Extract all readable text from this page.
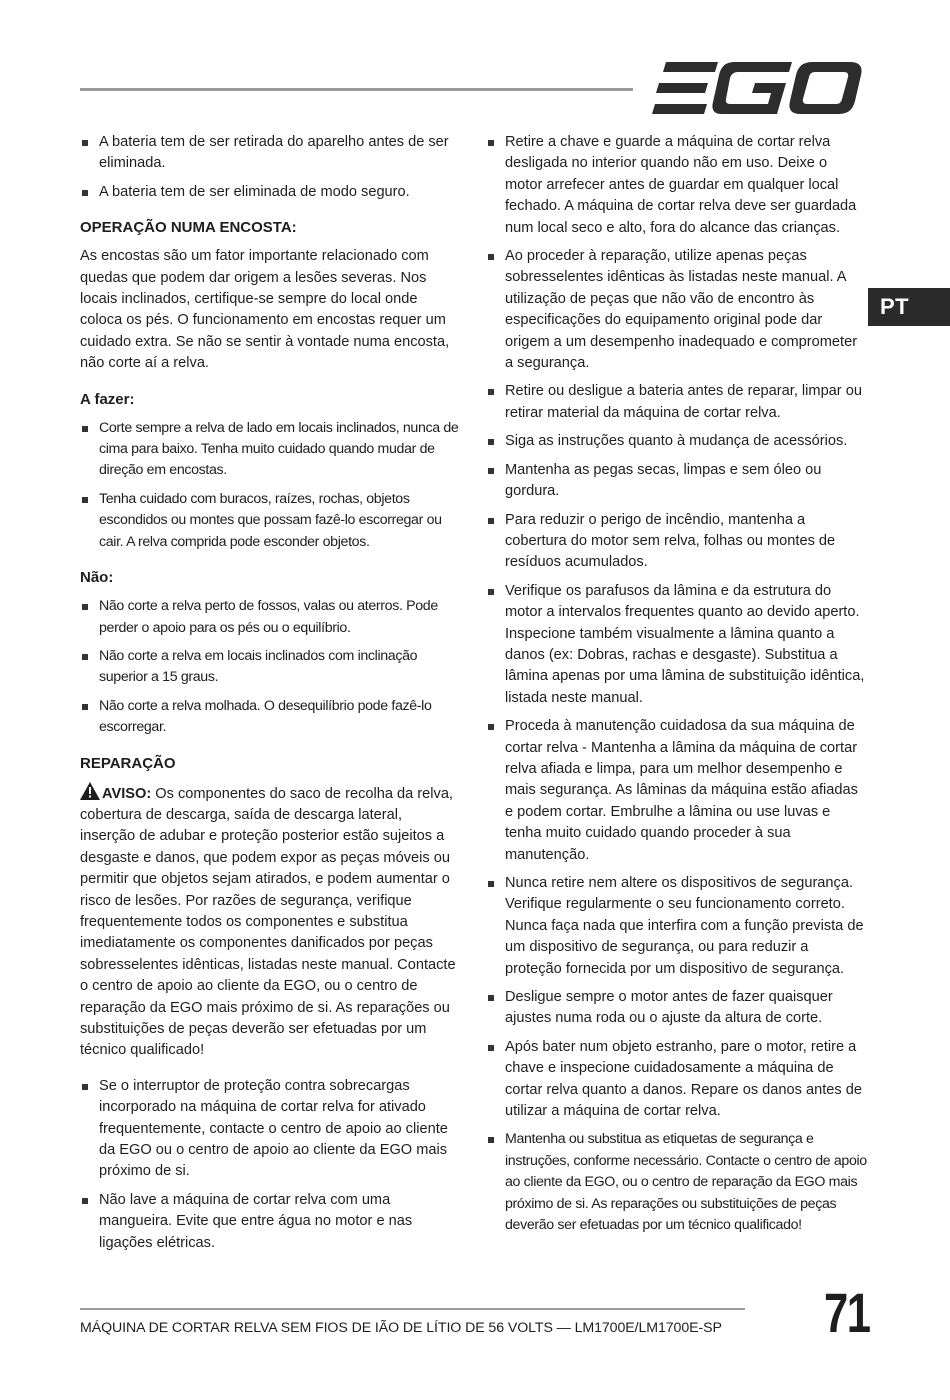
PT
A bateria tem de ser retirada do aparelho antes de ser eliminada.
A bateria tem de ser eliminada de modo seguro.
OPERAÇÃO NUMA ENCOSTA:

As encostas são um fator importante relacionado com quedas que podem dar origem a lesões severas. Nos locais inclinados, certifique-se sempre do local onde coloca os pés. O funcionamento em encostas requer um cuidado extra. Se não se sentir à vontade numa encosta, não corte aí a relva.

A fazer:
Corte sempre a relva de lado em locais inclinados, nunca de cima para baixo. Tenha muito cuidado quando mudar de direção em encostas.
Tenha cuidado com buracos, raízes, rochas, objetos escondidos ou montes que possam fazê-lo escorregar ou cair. A relva comprida pode esconder objetos.
Não:
Não corte a relva perto de fossos, valas ou aterros. Pode perder o apoio para os pés ou o equilíbrio.
Não corte a relva em locais inclinados com inclinação superior a 15 graus.
Não corte a relva molhada. O desequilíbrio pode fazê-lo escorregar.
REPARAÇÃO

AVISO: Os componentes do saco de recolha da relva, cobertura de descarga, saída de descarga lateral, inserção de adubar e proteção posterior estão sujeitos a desgaste e danos, que podem expor as peças móveis ou permitir que objetos sejam atirados, e podem aumentar o risco de lesões. Por razões de segurança, verifique frequentemente todos os componentes e substitua imediatamente os componentes danificados por peças sobresselentes idênticas, listadas neste manual. Contacte o centro de apoio ao cliente da EGO, ou o centro de reparação da EGO mais próximo de si. As reparações ou substituições de peças deverão ser efetuadas por um técnico qualificado!

Se o interruptor de proteção contra sobrecargas incorporado na máquina de cortar relva for ativado frequentemente, contacte o centro de apoio ao cliente da EGO ou o centro de apoio ao cliente da EGO mais próximo de si.
Não lave a máquina de cortar relva com uma mangueira. Evite que entre água no motor e nas ligações elétricas.
Retire a chave e guarde a máquina de cortar relva desligada no interior quando não em uso. Deixe o motor arrefecer antes de guardar em qualquer local fechado. A máquina de cortar relva deve ser guardada num local seco e alto, fora do alcance das crianças.
Ao proceder à reparação, utilize apenas peças sobresselentes idênticas às listadas neste manual. A utilização de peças que não vão de encontro às especificações do equipamento original pode dar origem a um desempenho inadequado e comprometer a segurança.
Retire ou desligue a bateria antes de reparar, limpar ou retirar material da máquina de cortar relva.
Siga as instruções quanto à mudança de acessórios.
Mantenha as pegas secas, limpas e sem óleo ou gordura.
Para reduzir o perigo de incêndio, mantenha a cobertura do motor sem relva, folhas ou montes de resíduos acumulados.
Verifique os parafusos da lâmina e da estrutura do motor a intervalos frequentes quanto ao devido aperto. Inspecione também visualmente a lâmina quanto a danos (ex: Dobras, rachas e desgaste). Substitua a lâmina apenas por uma lâmina de substituição idêntica, listada neste manual.
Proceda à manutenção cuidadosa da sua máquina de cortar relva - Mantenha a lâmina da máquina de cortar relva afiada e limpa, para um melhor desempenho e mais segurança. As lâminas da máquina estão afiadas e podem cortar. Embrulhe a lâmina ou use luvas e tenha muito cuidado quando proceder à sua manutenção.
Nunca retire nem altere os dispositivos de segurança. Verifique regularmente o seu funcionamento correto. Nunca faça nada que interfira com a função prevista de um dispositivo de segurança, ou para reduzir a proteção fornecida por um dispositivo de segurança.
Desligue sempre o motor antes de fazer quaisquer ajustes numa roda ou o ajuste da altura de corte.
Após bater num objeto estranho, pare o motor, retire a chave e inspecione cuidadosamente a máquina de cortar relva quanto a danos. Repare os danos antes de utilizar a máquina de cortar relva.
Mantenha ou substitua as etiquetas de segurança e instruções, conforme necessário. Contacte o centro de apoio ao cliente da EGO, ou o centro de reparação da EGO mais próximo de si. As reparações ou substituições de peças deverão ser efetuadas por um técnico qualificado!
MÁQUINA DE CORTAR RELVA SEM FIOS DE IÃO DE LÍTIO DE 56 VOLTS — LM1700E/LM1700E-SP 71
